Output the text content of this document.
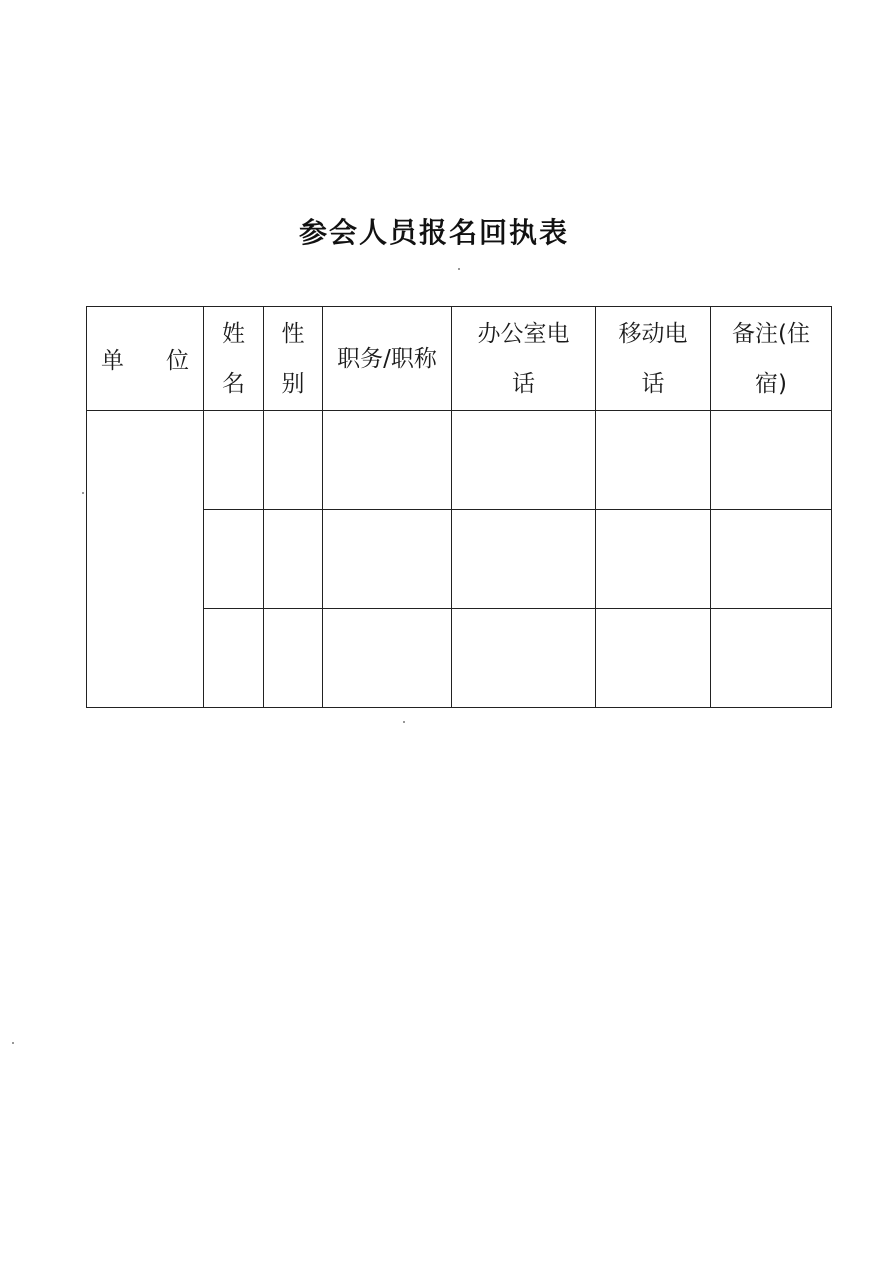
参会人员报名回执表
单 位	姓名	性别	职务/职称	办公室电话	移动电话	备注(住宿)
